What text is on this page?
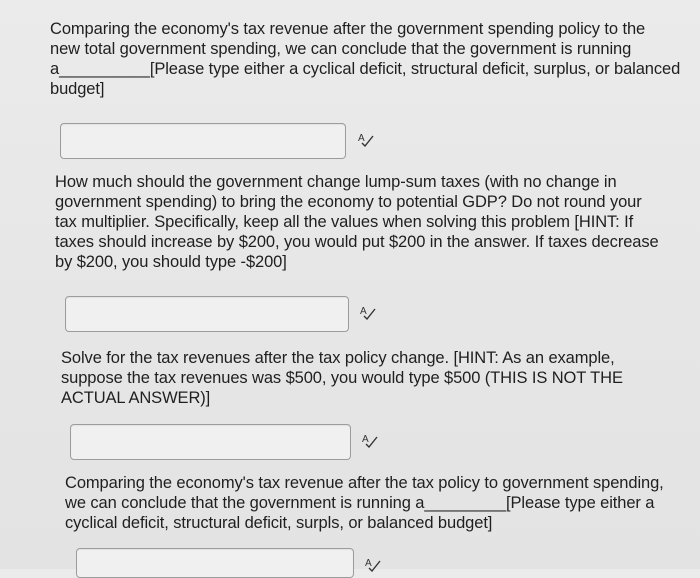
Comparing the economy's tax revenue after the government spending policy to the
new total government spending, we can conclude that the government is running
a__________[Please type either a cyclical deficit, structural deficit, surplus, or balanced
budget]
A
How much should the government change lump-sum taxes (with no change in
government spending) to bring the economy to potential GDP? Do not round your
tax multiplier. Specifically, keep all the values when solving this problem [HINT: If
taxes should increase by $200, you would put $200 in the answer. If taxes decrease
by $200, you should type -$200]
A
Solve for the tax revenues after the tax policy change. [HINT: As an example,
suppose the tax revenues was $500, you would type $500 (THIS IS NOT THE
ACTUAL ANSWER)]
A
Comparing the economy's tax revenue after the tax policy to government spending,
we can conclude that the government is running a_________[Please type either a
cyclical deficit, structural deficit, surpls, or balanced budget]
A
